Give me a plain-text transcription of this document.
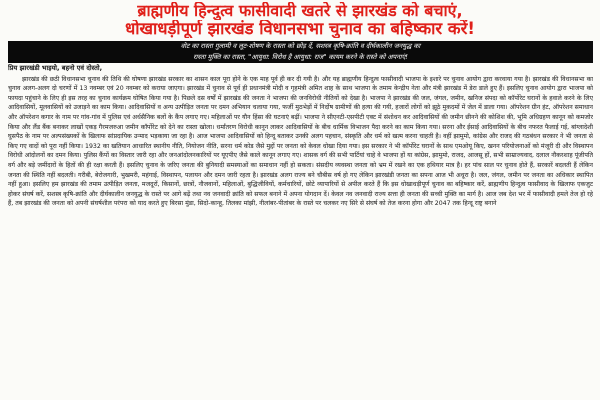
ब्राह्मणीय हिन्दुत्व फासीवादी खतरे से झारखंड को बचाएं,

धोखाधड़ीपूर्ण झारखंड विधानसभा चुनाव का बहिष्कार करें!

वोट का रास्ता गुलामी व लूट-शोषण के रास्ता को छोड़ दें, सशस्त्र कृषि-क्रांति व दीर्घकालीन जनयुद्ध का
रास्ता मुक्ति का रास्ता, "आयुधा: विरोध है आयुधा: राज" कायम करने के रास्ते को अपनाएं!
प्रिय झारखंडी भाइयो, बहनो एवं दोस्तो,

झारखंड की छठी विधानसभा चुनाव की तिथि की घोषणा झारखंड सरकार का शासन काल पूरा होने के एक माह पूर्व ही कर दी गयी है। और यह ब्राह्मणीय हिन्दुत्व फासीवादी भाजपा के इशारे पर चुनाव आयोग द्वारा करवाया गया है। झारखंड की विधानसभा का चुनाव अलग-अलग दो चरणों में 13 नवम्बर एवं 20 नवम्बर को कराया जाएगा। झारखंड में चुनाव से पूर्व ही प्रधानमंत्री मोदी व गृहमंत्री अमित शाह के साथ भाजपा के तमाम केन्द्रीय नेता और मंत्री झारखंड में डेरा डाले हुए हैं। इसलिए चुनाव आयोग द्वारा भाजपा को फायदा पहुंचाने के लिए ही इस तरह का चुनाव कार्यक्रम घोषित किया गया है। पिछले दस वर्षों में झारखंड की जनता ने भाजपा की जनविरोधी नीतियों को देखा है। भाजपा ने झारखंड की जल, जंगल, जमीन, खनिज संपदा को कॉर्पोरेट घरानों के हवाले करने के लिए आदिवासियों, मूलवासियों को उजाड़ने का काम किया। आदिवासियों व अन्य उत्पीड़ित जनता पर दमन अभियान चलाया गया, फर्जी मुठभेड़ों में निर्दोष ग्रामीणों की हत्या की गयी, हजारों लोगों को झूठे मुकदमों में जेल में डाला गया। ऑपरेशन ग्रीन हंट, ऑपरेशन समाधान और ऑपरेशन कगार के नाम पर गांव-गांव में पुलिस एवं अर्धसैनिक बलों के कैंप लगाए गए। महिलाओं पर यौन हिंसा की घटनाएं बढ़ीं। भाजपा ने सीएनटी-एसपीटी एक्ट में संशोधन कर आदिवासियों की जमीन छीनने की कोशिश की, भूमि अधिग्रहण कानून को कमजोर किया और लैंड बैंक बनाकर लाखों एकड़ गैरमजरुआ जमीन कॉर्पोरेट को देने का रास्ता खोला। धर्मांतरण विरोधी कानून लाकर आदिवासियों के बीच धार्मिक विभाजन पैदा करने का काम किया गया। सरना और ईसाई आदिवासियों के बीच नफरत फैलाई गई, बांग्लादेशी घुसपैठ के नाम पर अल्पसंख्यकों के खिलाफ सांप्रदायिक उन्माद भड़काया जा रहा है। आज भाजपा आदिवासियों को हिन्दू बताकर उनकी अलग पहचान, संस्कृति और धर्म को खत्म करना चाहती है। वहीं झामुमो, कांग्रेस और राजद की गठबंधन सरकार ने भी जनता से किए गए वादों को पूरा नहीं किया। 1932 का खतियान आधारित स्थानीय नीति, नियोजन नीति, सरना धर्म कोड जैसे मुद्दों पर जनता को केवल धोखा दिया गया। इस सरकार ने भी कॉर्पोरेट घरानों के साथ एमओयू किए, खनन परियोजनाओं को मंजूरी दी और विस्थापन विरोधी आंदोलनों का दमन किया। पुलिस कैंपों का विस्तार जारी रहा और जनआंदोलनकारियों पर यूएपीए जैसे काले कानून लगाए गए। शासक वर्ग की सभी पार्टियां चाहे वे भाजपा हों या कांग्रेस, झामुमो, राजद, आजसू हों, सभी साम्राज्यवाद, दलाल नौकरशाह पूंजीपति वर्ग और बड़े जमींदारों के हितों की ही रक्षा करती हैं। इसलिए चुनाव के जरिए जनता की बुनियादी समस्याओं का समाधान नहीं हो सकता। संसदीय व्यवस्था जनता को भ्रम में रखने का एक हथियार मात्र है। हर पांच साल पर चुनाव होते हैं, सरकारें बदलती हैं लेकिन जनता की स्थिति नहीं बदलती। गरीबी, बेरोजगारी, भुखमरी, महंगाई, विस्थापन, पलायन और दमन जारी रहता है। झारखंड अलग राज्य बने चौबीस वर्ष हो गए लेकिन झारखंडी जनता का सपना आज भी अधूरा है। जल, जंगल, जमीन पर जनता का अधिकार स्थापित नहीं हुआ। इसलिए हम झारखंड की तमाम उत्पीड़ित जनता, मजदूरों, किसानों, छात्रों, नौजवानों, महिलाओं, बुद्धिजीवियों, कर्मचारियों, छोटे व्यापारियों से अपील करते हैं कि इस धोखाधड़ीपूर्ण चुनाव का बहिष्कार करें, ब्राह्मणीय हिन्दुत्व फासीवाद के खिलाफ एकजुट होकर संघर्ष करें, सशस्त्र कृषि-क्रांति और दीर्घकालीन जनयुद्ध के रास्ते पर आगे बढ़ें तथा नव जनवादी क्रांति को सफल बनाने में अपना योगदान दें। केवल नव जनवादी राज्य सत्ता ही जनता की सच्ची मुक्ति का मार्ग है। आज जब देश भर में फासीवादी हमले तेज हो रहे हैं, तब झारखंड की जनता को अपनी संघर्षशील परंपरा को याद करते हुए बिरसा मुंडा, सिदो-कान्हू, तिलका मांझी, नीलांबर-पीतांबर के रास्ते पर चलकर नए सिरे से संघर्ष को तेज करना होगा और 2047 तक हिन्दू राष्ट्र बनाने
